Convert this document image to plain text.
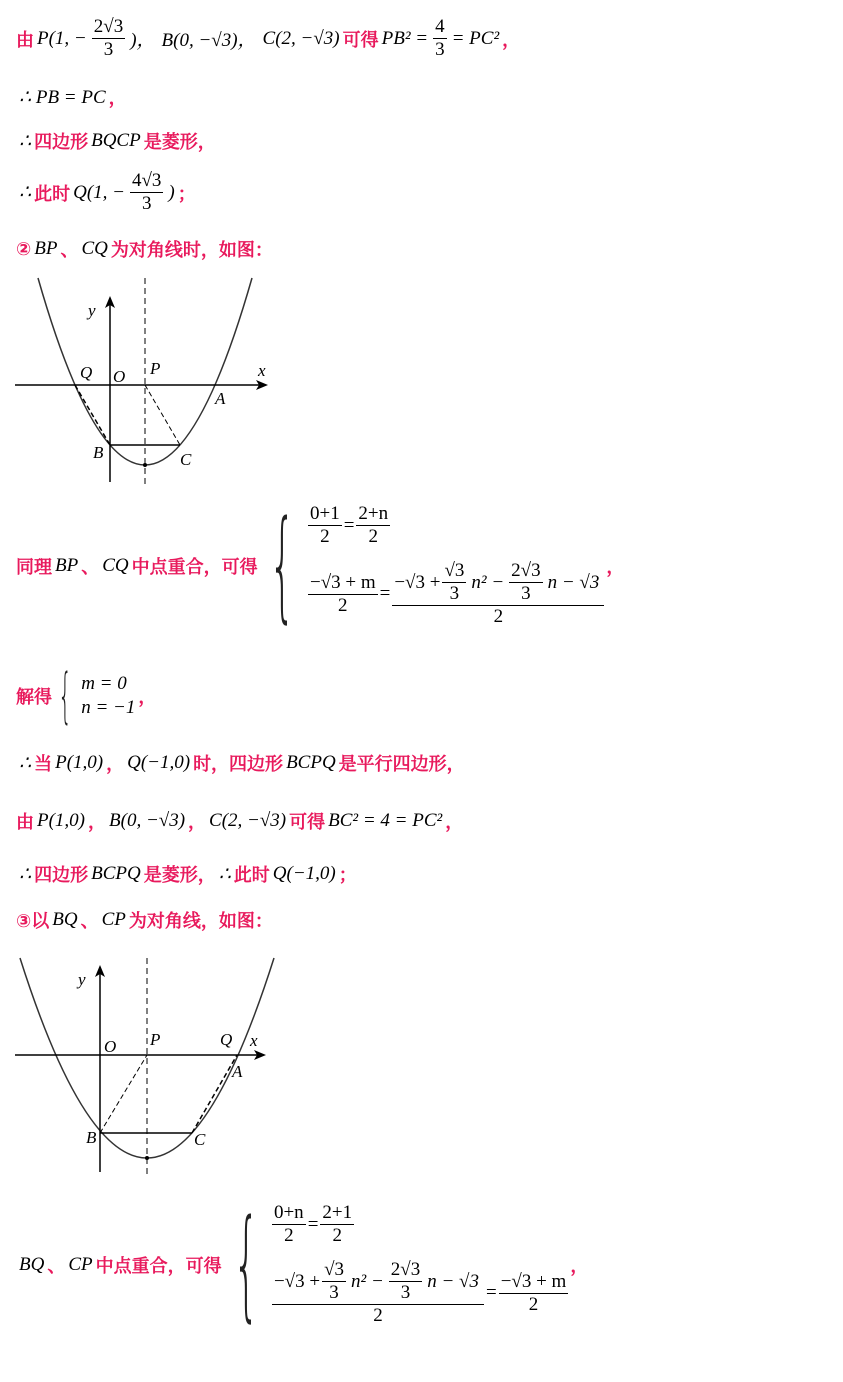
由 P(1, − $\frac{2√3}{3}$ )， B(0, −√3)， C(2, −√3) 可得 $PB^2 = \frac{4}{3} = PC^2$ ，
∴ PB = PC ，
∴ 四边形 BQCP 是菱形，
∴ 此时 Q(1, − $\frac{4√3}{3}$ ) ；
② BP 、 CQ 为对角线时，如图：
y
x
Q O P
A
B	C
同理 BP 、 CQ 中点重合，可得 { $\frac{0+1}{2} = \frac{2+n}{2}$
$\frac{-√3 + m}{2} = \frac{-√3 + \frac{√3}{3} n^2 - \frac{2√3}{3} n - √3}{2}$ ，
解得 { m = 0
n = −1 ，
∴ 当 P(1,0) ， Q(−1,0) 时，四边形 BCPQ 是平行四边形，
由 P(1,0) ， B(0, −√3) ， C(2, −√3) 可得 BC² = 4 = PC² ，
∴ 四边形 BCPQ 是菱形， ∴ 此时 Q(−1,0) ；
③以 BQ 、 CP 为对角线，如图：
y
x
O P	Q
A
B	C
BQ 、 CP 中点重合，可得 { $\frac{0+n}{2} = \frac{2+1}{2}$
$\frac{-√3 + \frac{√3}{3} n^2 - \frac{2√3}{3} n - √3}{2} = \frac{-√3 + m}{2}$
，
